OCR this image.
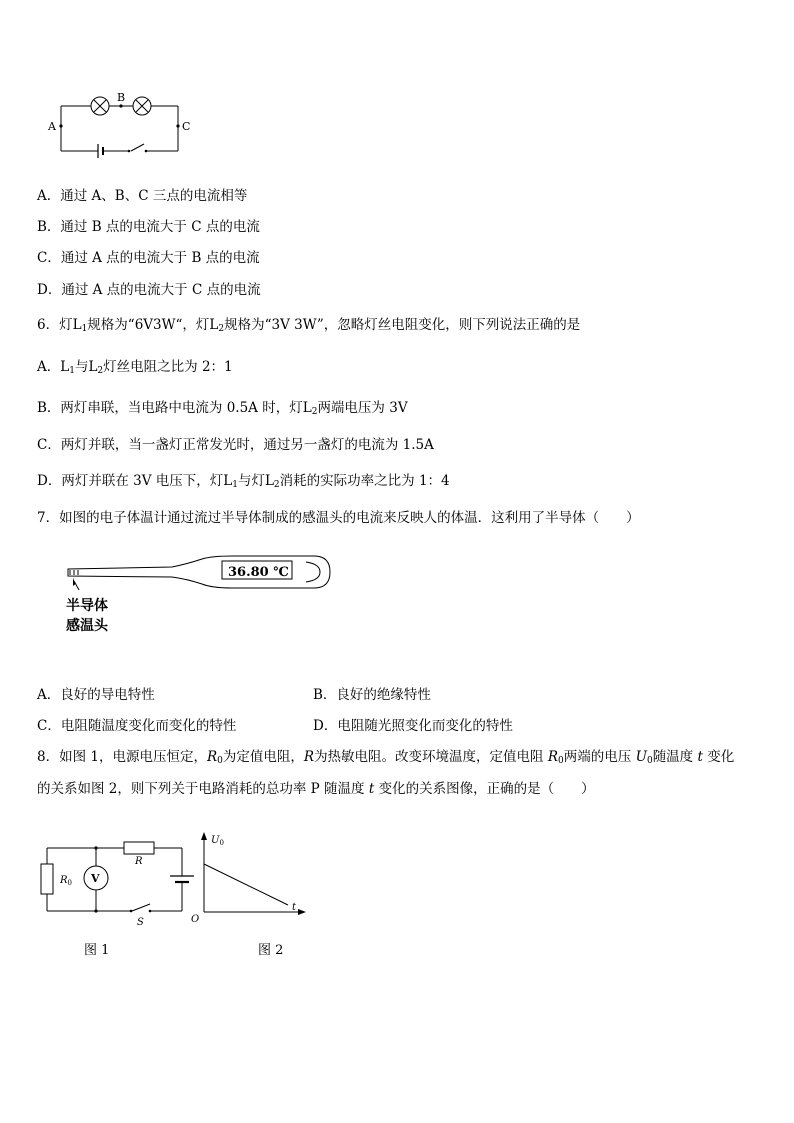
A
B
C
A．通过 A、B、C 三点的电流相等
B．通过 B 点的电流大于 C 点的电流
C．通过 A 点的电流大于 B 点的电流
D．通过 A 点的电流大于 C 点的电流
6．灯$L_1$规格为“6V3W“，灯$L_2$规格为“3V 3W”，忽略灯丝电阻变化，则下列说法正确的是
A．$L_1$与$L_2$灯丝电阻之比为 2：1
B．两灯串联，当电路中电流为 0.5A 时，灯$L_2$两端电压为 3V
C．两灯并联，当一盏灯正常发光时，通过另一盏灯的电流为 1.5A
D．两灯并联在 3V 电压下，灯$L_1$与灯$L_2$消耗的实际功率之比为 1：4
7．如图的电子体温计通过流过半导体制成的感温头的电流来反映人的体温．这利用了半导体（　　）
36.80 ℃
半导体
感温头
A．良好的导电特性	B．良好的绝缘特性
C．电阻随温度变化而变化的特性	D．电阻随光照变化而变化的特性
8．如图 1，电源电压恒定，$R_0$为定值电阻，R为热敏电阻。改变环境温度，定值电阻 $R_0$两端的电压 $U_0$随温度 t 变化
的关系如图 2，则下列关于电路消耗的总功率 P 随温度 t 变化的关系图像，正确的是（　　）
$R_0$ V
R
S
图 1
$U_0$
t
O
图 2
